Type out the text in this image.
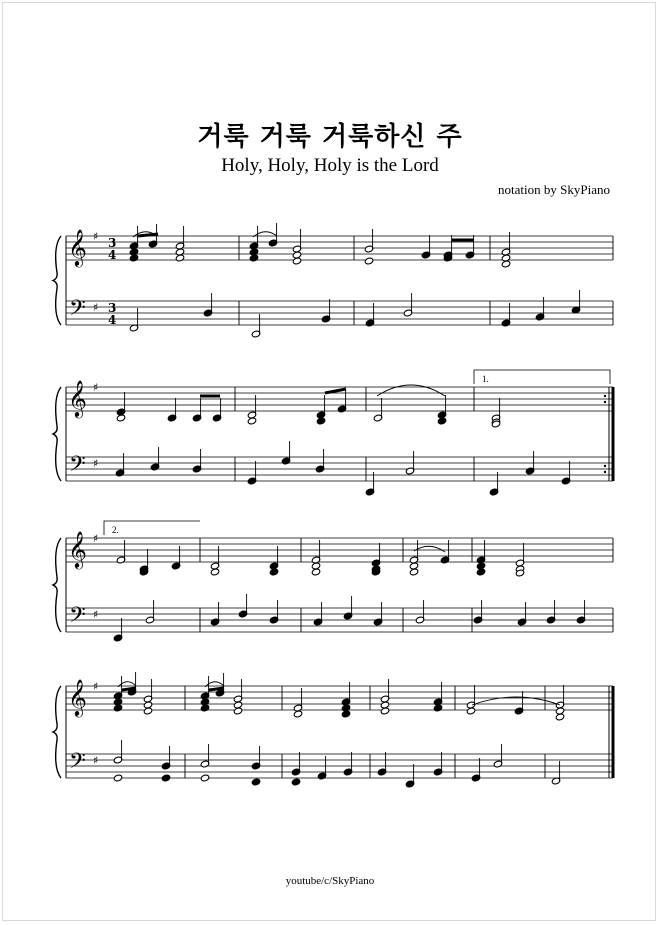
거룩 거룩 거룩하신 주
Holy, Holy, Holy is the Lord
notation by SkyPiano
𝄞
𝄢
♯
♯
3
4
3
4
𝄞
𝄢
♯
♯
𝄞
𝄢
♯
♯
𝄞
𝄢
♯
♯
1.
2.
youtube/c/SkyPiano
